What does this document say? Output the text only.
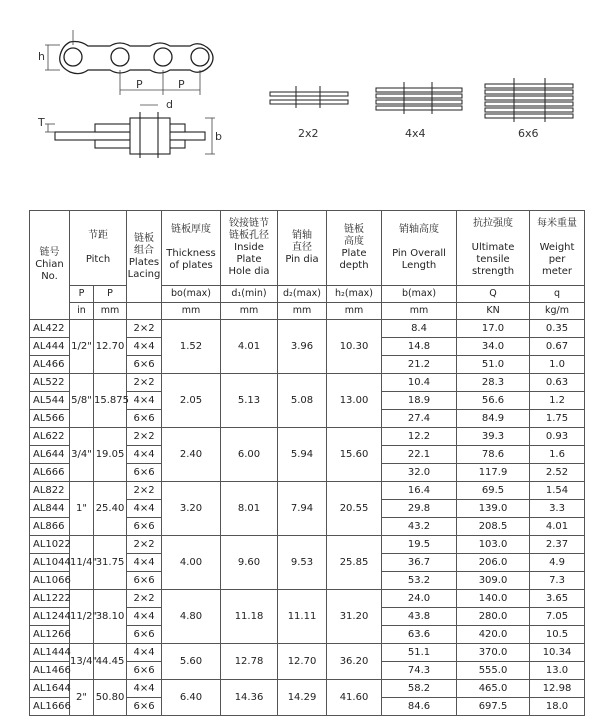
h
P	P
d
T
b	2x2	4x4	6x6
链号
Chian
No.	节距

Pitch		链板
组合
Plates
Lacing	链板厚度

Thickness
of plates	铰接链节
链板孔径
Inside Plate
Hole dia	销轴
直径
Pin dia	链板
高度
Plate depth	销轴高度

Pin Overall
Length	抗拉强度

Ultimate tensile
strength	每米重量

Weight per
meter

	P	P		bo(max)	d₁(min)	d₂(max)	h₂(max)	b(max)	Q	q
	in	mm		mm	mm	mm	mm	mm	KN	kg/m
AL422	1/2"	12.70	2×2	1.52	4.01	3.96	10.30	8.4	17.0	0.35
AL444			4×4					14.8	34.0	0.67
AL466			6×6					21.2	51.0	1.0
AL522	5/8"	15.875	2×2	2.05	5.13	5.08	13.00	10.4	28.3	0.63
AL544			4×4					18.9	56.6	1.2
AL566			6×6					27.4	84.9	1.75
AL622	3/4"	19.05	2×2	2.40	6.00	5.94	15.60	12.2	39.3	0.93
AL644			4×4					22.1	78.6	1.6
AL666			6×6					32.0	117.9	2.52
AL822	1"	25.40	2×2	3.20	8.01	7.94	20.55	16.4	69.5	1.54
AL844			4×4					29.8	139.0	3.3
AL866			6×6					43.2	208.5	4.01
AL1022	11/4"	31.75	2×2	4.00	9.60	9.53	25.85	19.5	103.0	2.37
AL1044			4×4					36.7	206.0	4.9
AL1066			6×6					53.2	309.0	7.3
AL1222	11/2"	38.10	2×2	4.80	11.18	11.11	31.20	24.0	140.0	3.65
AL1244			4×4					43.8	280.0	7.05
AL1266			6×6					63.6	420.0	10.5
AL1444	13/4"	44.45	4×4	5.60	12.78	12.70	36.20	51.1	370.0	10.34
AL1466			6×6					74.3	555.0	13.0
AL1644	2"	50.80	4×4	6.40	14.36	14.29	41.60	58.2	465.0	12.98
AL1666			6×6					84.6	697.5	18.0
